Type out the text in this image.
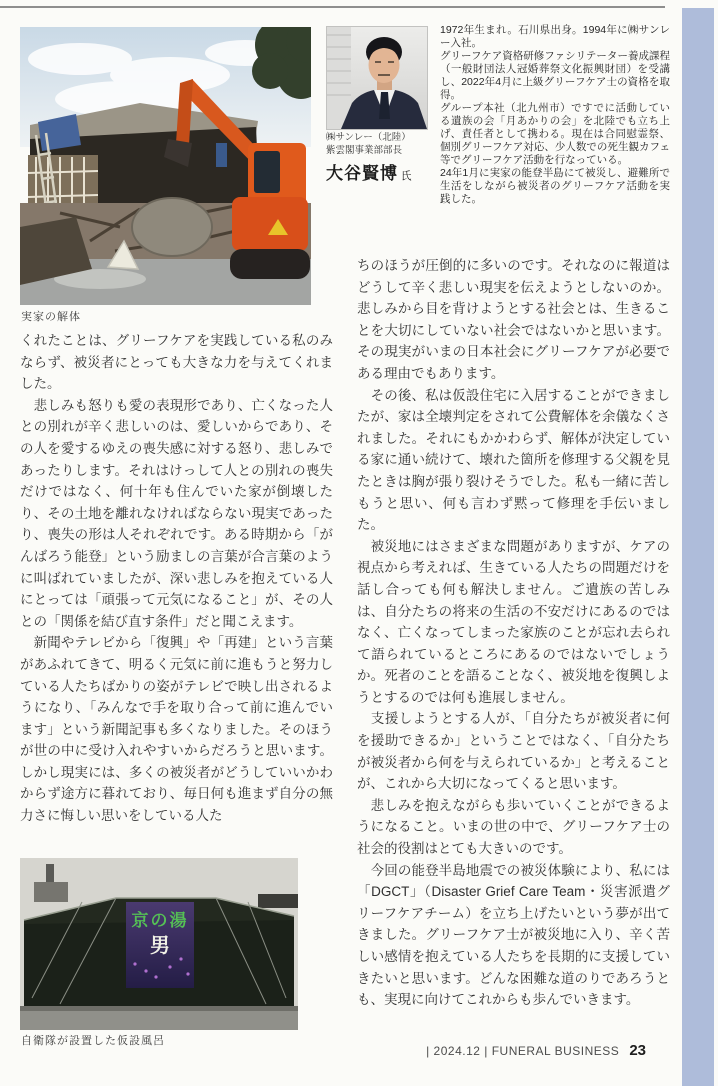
実家の解体
㈱サンレー（北陸）
紫雲閣事業部部長
大谷賢博 氏

1972年生まれ。石川県出身。1994年に㈱サンレー入社。

グリーフケア資格研修ファシリテーター養成課程（一般財団法人冠婚葬祭文化振興財団）を受講し、2022年4月に上級グリーフケア士の資格を取得。

グループ本社（北九州市）ですでに活動している遺族の会「月あかりの会」を北陸でも立ち上げ、責任者として携わる。現在は合同慰霊祭、個別グリーフケア対応、少人数での死生観カフェ等でグリーフケア活動を行なっている。

24年1月に実家の能登半島にて被災し、避難所で生活をしながら被災者のグリーフケア活動を実践した。

くれたことは、グリーフケアを実践している私のみならず、被災者にとっても大きな力を与えてくれました。

　悲しみも怒りも愛の表現形であり、亡くなった人との別れが辛く悲しいのは、愛しいからであり、その人を愛するゆえの喪失感に対する怒り、悲しみであったりします。それはけっして人との別れの喪失だけではなく、何十年も住んでいた家が倒壊したり、その土地を離れなければならない現実であったり、喪失の形は人それぞれです。ある時期から「がんばろう能登」という励ましの言葉が合言葉のように叫ばれていましたが、深い悲しみを抱えている人にとっては「頑張って元気になること」が、その人との「関係を結び直す条件」だと聞こえます。

　新聞やテレビから「復興」や「再建」という言葉があふれてきて、明るく元気に前に進もうと努力している人たちばかりの姿がテレビで映し出されるようになり、「みんなで手を取り合って前に進んでいます」という新聞記事も多くなりました。そのほうが世の中に受け入れやすいからだろうと思います。しかし現実には、多くの被災者がどうしていいかわからず途方に暮れており、毎日何も進まず自分の無力さに悔しい思いをしている人た

ちのほうが圧倒的に多いのです。それなのに報道はどうして辛く悲しい現実を伝えようとしないのか。悲しみから目を背けようとする社会とは、生きることを大切にしていない社会ではないかと思います。その現実がいまの日本社会にグリーフケアが必要である理由でもあります。

　その後、私は仮設住宅に入居することができましたが、家は全壊判定をされて公費解体を余儀なくされました。それにもかかわらず、解体が決定している家に通い続けて、壊れた箇所を修理する父親を見たときは胸が張り裂けそうでした。私も一緒に苦しもうと思い、何も言わず黙って修理を手伝いました。

　被災地にはさまざまな問題がありますが、ケアの視点から考えれば、生きている人たちの問題だけを話し合っても何も解決しません。ご遺族の苦しみは、自分たちの将来の生活の不安だけにあるのではなく、亡くなってしまった家族のことが忘れ去られて語られているところにあるのではないでしょうか。死者のことを語ることなく、被災地を復興しようとするのでは何も進展しません。

　支援しようとする人が、「自分たちが被災者に何を援助できるか」ということではなく、「自分たちが被災者から何を与えられているか」と考えることが、これから大切になってくると思います。

　悲しみを抱えながらも歩いていくことができるようになること。いまの世の中で、グリーフケア士の社会的役割はとても大きいのです。

　今回の能登半島地震での被災体験により、私には「DGCT」（Disaster Grief Care Team・災害派遣グリーフケアチーム）を立ち上げたいという夢が出てきました。グリーフケア士が被災地に入り、辛く苦しい感情を抱えている人たちを長期的に支援していきたいと思います。どんな困難な道のりであろうとも、実現に向けてこれからも歩んでいきます。

京の湯
男
自衛隊が設置した仮設風呂
| 2024.12 | FUNERAL BUSINESS 23
